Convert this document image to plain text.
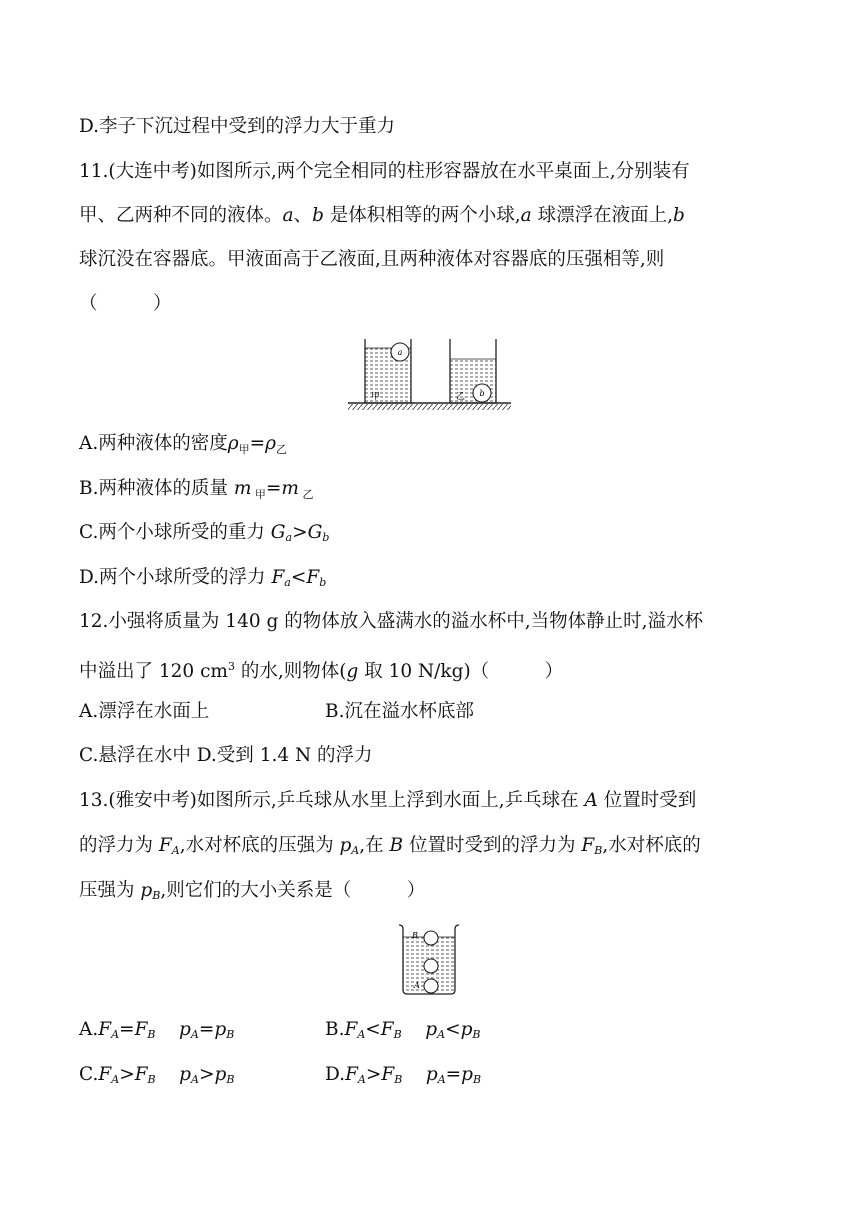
D.李子下沉过程中受到的浮力大于重力
11.(大连中考)如图所示,两个完全相同的柱形容器放在水平桌面上,分别装有
甲、乙两种不同的液体。a、b 是体积相等的两个小球,a 球漂浮在液面上,b
球沉没在容器底。甲液面高于乙液面,且两种液体对容器底的压强相等,则
（　　　）
a
甲	b
乙
A.两种液体的密度$\rho_甲=\rho_乙$
B.两种液体的质量 m $_甲$=m $_乙$
C.两个小球所受的重力 $G_a>G_b$
D.两个小球所受的浮力 $F_a<F_b$
12.小强将质量为 140 g 的物体放入盛满水的溢水杯中,当物体静止时,溢水杯
中溢出了 120 $cm^3$ 的水,则物体(g 取 10 N/kg)（　　　）
A.漂浮在水面上	B.沉在溢水杯底部
C.悬浮在水中 D.受到 1.4 N 的浮力
13.(雅安中考)如图所示,乒乓球从水里上浮到水面上,乒乓球在 A 位置时受到
的浮力为 $F_A$,水对杯底的压强为 $p_A$,在 B 位置时受到的浮力为 $F_B$,水对杯底的
压强为 $p_B$,则它们的大小关系是（　　　）
B
A
$A.F_A=F_B$ $p_A=p_B$	$B.F_A<F_B$ $p_A<p_B$
$C.F_A>F_B$ $p_A>p_B$	$D.F_A>F_B$ $p_A=p_B$
